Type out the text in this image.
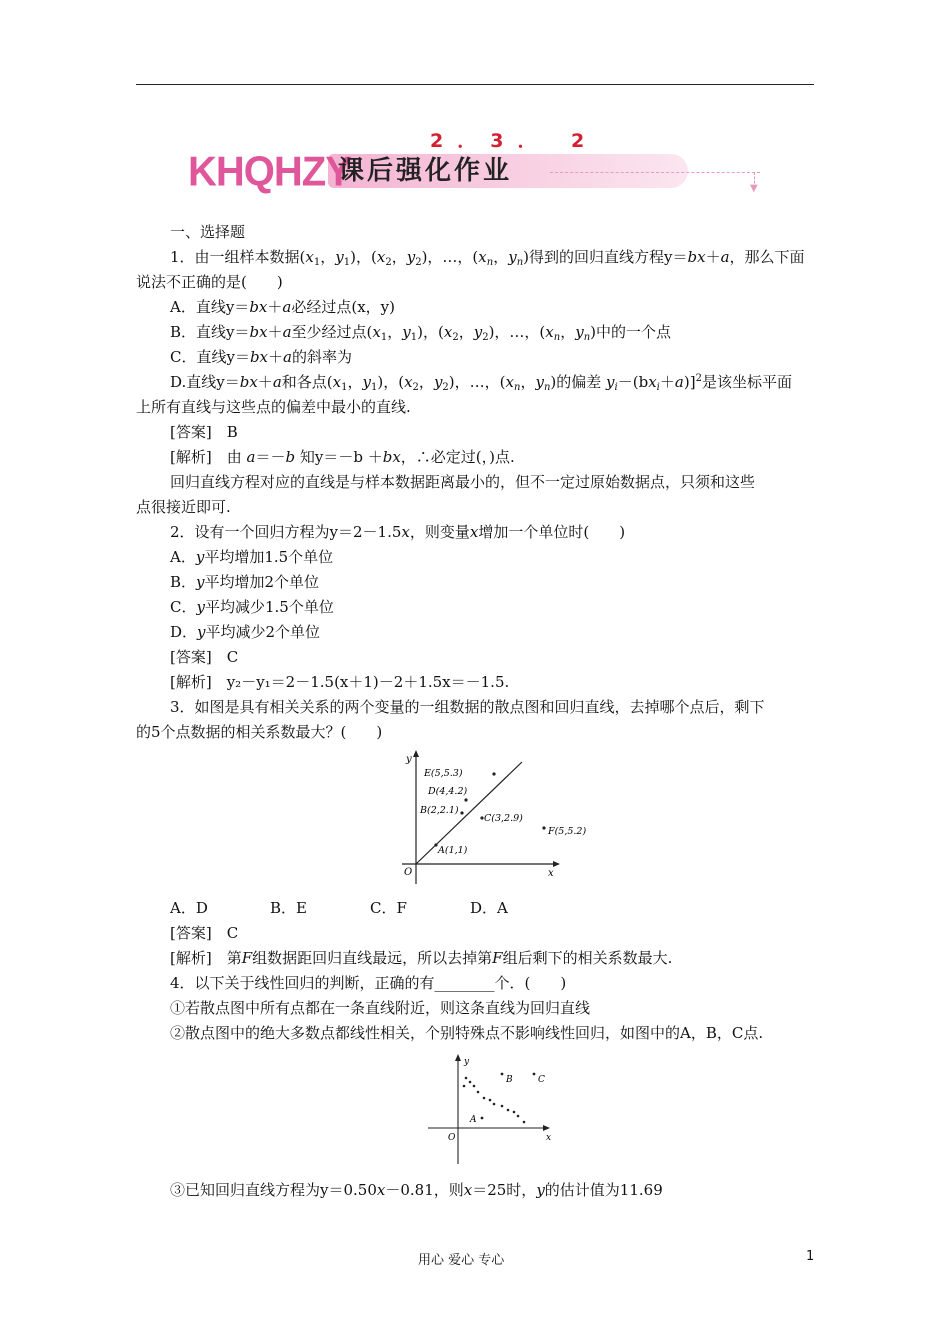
2．3． 2
KHQHZY
课后强化作业
▼
一、选择题
1．由一组样本数据($x_1$，$y_1$)，($x_2$，$y_2$)，…，($x_n$，$y_n$)得到的回归直线方程y＝bx＋a，那么下面
说法不正确的是(　　)
A．直线y＝bx＋a必经过点(x，y)
B．直线y＝bx＋a至少经过点($x_1$，$y_1$)，($x_2$，$y_2$)，…，($x_n$，$y_n$)中的一个点
C．直线y＝bx＋a的斜率为
D.直线y＝bx＋a和各点($x_1$，$y_1$)，($x_2$，$y_2$)，…，($x_n$，$y_n$)的偏差 $y_i-(bx_i+a)]^2$是该坐标平面
上所有直线与这些点的偏差中最小的直线.
[答案]　B
[解析]　由 a＝－b 知y＝－b ＋bx，∴必定过(，)点.
回归直线方程对应的直线是与样本数据距离最小的，但不一定过原始数据点，只须和这些
点很接近即可.
2．设有一个回归方程为y＝2－1.5x，则变量x增加一个单位时(　　)
A．y平均增加1.5个单位
B．y平均增加2个单位
C．y平均减少1.5个单位
D．y平均减少2个单位
[答案]　C
[解析]　y₂－y₁＝2－1.5(x＋1)－2＋1.5x＝－1.5.
3．如图是具有相关关系的两个变量的一组数据的散点图和回归直线，去掉哪个点后，剩下
的5个点数据的相关系数最大？(　　)
y
x
O
E(5,5.3)
D(4,4.2)
B(2,2.1)
C(3,2.9)
F(5,5.2)
A(1,1)
A．D	B．E	C．F	D．A
[答案]　C
[解析]　第F组数据距回归直线最远，所以去掉第F组后剩下的相关系数最大.
4．以下关于线性回归的判断，正确的有________个．(　　)
①若散点图中所有点都在一条直线附近，则这条直线为回归直线
②散点图中的绝大多数点都线性相关，个别特殊点不影响线性回归，如图中的A，B，C点.
y
x
O
A
B	C
③已知回归直线方程为y＝0.50x－0.81，则x＝25时，y的估计值为11.69
用心 爱心 专心	1
